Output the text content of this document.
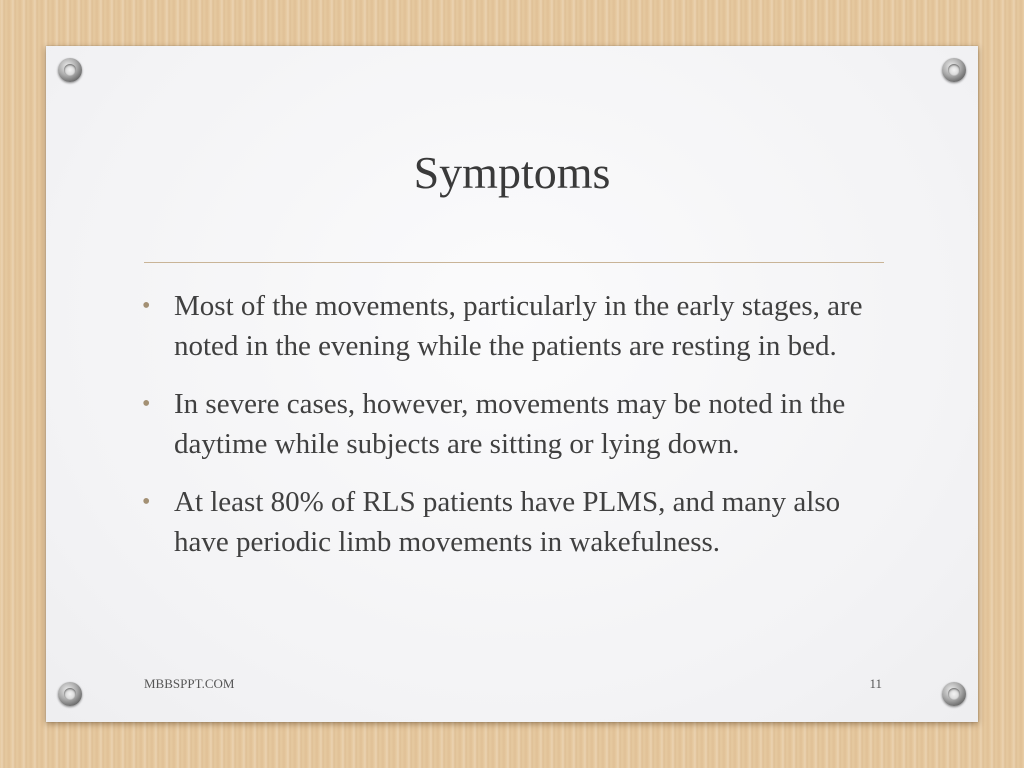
Symptoms
• Most of the movements, particularly in the early stages, are noted in the evening while the patients are resting in bed.
• In severe cases, however, movements may be noted in the daytime while subjects are sitting or lying down.
• At least 80% of RLS patients have PLMS, and many also have periodic limb movements in wakefulness.
MBBSPPT.COM	11
